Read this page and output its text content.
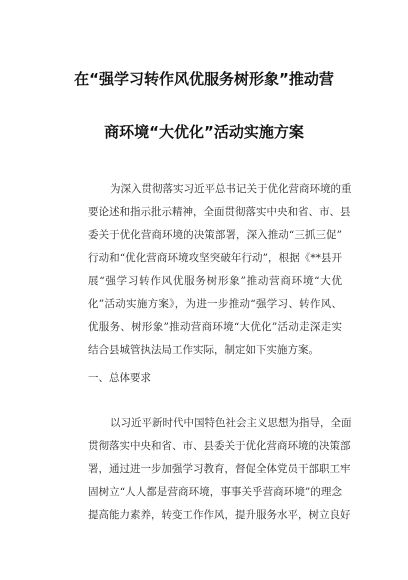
在“强学习转作风优服务树形象”推动营
商环境“大优化”活动实施方案
为深入贯彻落实习近平总书记关于优化营商环境的重
要论述和指示批示精神，全面贯彻落实中央和省、市、县
委关于优化营商环境的决策部署，深入推动“三抓三促”
行动和“优化营商环境攻坚突破年行动”，根据《**县开
展“强学习转作风优服务树形象”推动营商环境“大优
化”活动实施方案》，为进一步推动“强学习、转作风、
优服务、树形象”推动营商环境“大优化”活动走深走实
结合县城管执法局工作实际，制定如下实施方案。
一、总体要求
以习近平新时代中国特色社会主义思想为指导，全面
贯彻落实中央和省、市、县委关于优化营商环境的决策部
署，通过进一步加强学习教育，督促全体党员干部职工牢
固树立“人人都是营商环境，事事关乎营商环境”的理念
提高能力素养，转变工作作风，提升服务水平，树立良好
